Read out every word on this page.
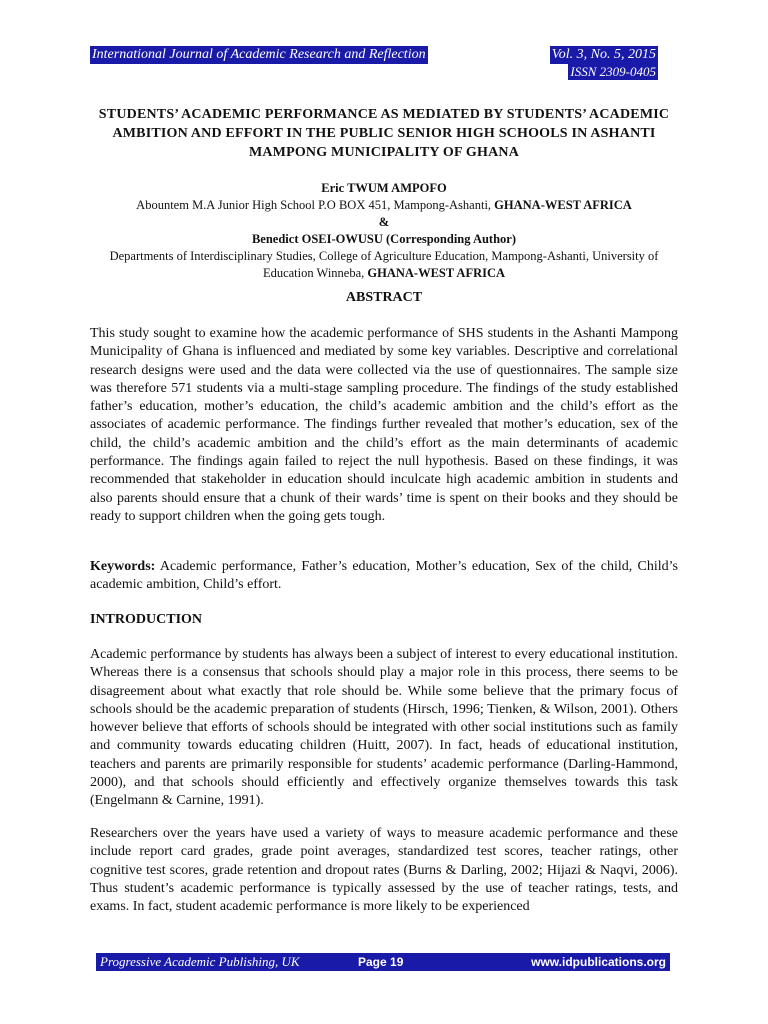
International Journal of Academic Research and Reflection	Vol. 3, No. 5, 2015
ISSN 2309-0405
STUDENTS’ ACADEMIC PERFORMANCE AS MEDIATED BY STUDENTS’ ACADEMIC AMBITION AND EFFORT IN THE PUBLIC SENIOR HIGH SCHOOLS IN ASHANTI MAMPONG MUNICIPALITY OF GHANA
Eric TWUM AMPOFO
Abountem M.A Junior High School P.O BOX 451, Mampong-Ashanti, GHANA-WEST AFRICA
&
Benedict OSEI-OWUSU (Corresponding Author)
Departments of Interdisciplinary Studies, College of Agriculture Education, Mampong-Ashanti, University of Education Winneba, GHANA-WEST AFRICA
ABSTRACT
This study sought to examine how the academic performance of SHS students in the Ashanti Mampong Municipality of Ghana is influenced and mediated by some key variables. Descriptive and correlational research designs were used and the data were collected via the use of questionnaires. The sample size was therefore 571 students via a multi-stage sampling procedure. The findings of the study established father’s education, mother’s education, the child’s academic ambition and the child’s effort as the associates of academic performance. The findings further revealed that mother’s education, sex of the child, the child’s academic ambition and the child’s effort as the main determinants of academic performance. The findings again failed to reject the null hypothesis. Based on these findings, it was recommended that stakeholder in education should inculcate high academic ambition in students and also parents should ensure that a chunk of their wards’ time is spent on their books and they should be ready to support children when the going gets tough.
Keywords: Academic performance, Father’s education, Mother’s education, Sex of the child, Child’s academic ambition, Child’s effort.
INTRODUCTION
Academic performance by students has always been a subject of interest to every educational institution. Whereas there is a consensus that schools should play a major role in this process, there seems to be disagreement about what exactly that role should be. While some believe that the primary focus of schools should be the academic preparation of students (Hirsch, 1996; Tienken, & Wilson, 2001). Others however believe that efforts of schools should be integrated with other social institutions such as family and community towards educating children (Huitt, 2007). In fact, heads of educational institution, teachers and parents are primarily responsible for students’ academic performance (Darling-Hammond, 2000), and that schools should efficiently and effectively organize themselves towards this task (Engelmann & Carnine, 1991).
Researchers over the years have used a variety of ways to measure academic performance and these include report card grades, grade point averages, standardized test scores, teacher ratings, other cognitive test scores, grade retention and dropout rates (Burns & Darling, 2002; Hijazi & Naqvi, 2006). Thus student’s academic performance is typically assessed by the use of teacher ratings, tests, and exams. In fact, student academic performance is more likely to be experienced
Progressive Academic Publishing, UK	Page 19	www.idpublications.org
